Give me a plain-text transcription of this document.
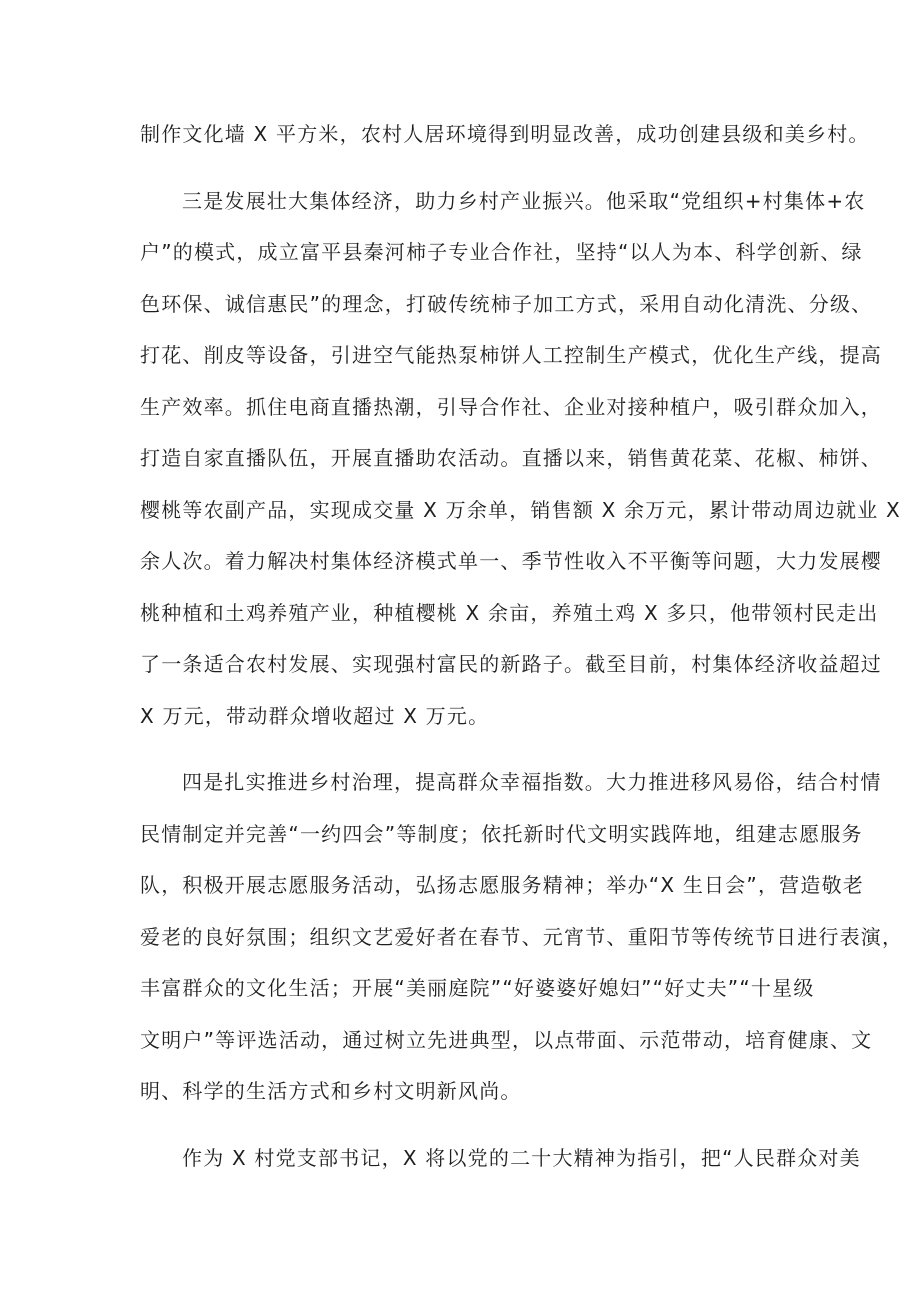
制作文化墙 X 平方米，农村人居环境得到明显改善，成功创建县级和美乡村。
三是发展壮大集体经济，助力乡村产业振兴。他采取“党组织+村集体+农
户”的模式，成立富平县秦河柿子专业合作社，坚持“以人为本、科学创新、绿
色环保、诚信惠民”的理念，打破传统柿子加工方式，采用自动化清洗、分级、
打花、削皮等设备，引进空气能热泵柿饼人工控制生产模式，优化生产线，提高
生产效率。抓住电商直播热潮，引导合作社、企业对接种植户，吸引群众加入，
打造自家直播队伍，开展直播助农活动。直播以来，销售黄花菜、花椒、柿饼、
樱桃等农副产品，实现成交量 X 万余单，销售额 X 余万元，累计带动周边就业 X
余人次。着力解决村集体经济模式单一、季节性收入不平衡等问题，大力发展樱
桃种植和土鸡养殖产业，种植樱桃 X 余亩，养殖土鸡 X 多只，他带领村民走出
了一条适合农村发展、实现强村富民的新路子。截至目前，村集体经济收益超过
X 万元，带动群众增收超过 X 万元。
四是扎实推进乡村治理，提高群众幸福指数。大力推进移风易俗，结合村情
民情制定并完善“一约四会”等制度；依托新时代文明实践阵地，组建志愿服务
队，积极开展志愿服务活动，弘扬志愿服务精神；举办“X 生日会”，营造敬老
爱老的良好氛围；组织文艺爱好者在春节、元宵节、重阳节等传统节日进行表演，
丰富群众的文化生活；开展“美丽庭院”“好婆婆好媳妇”“好丈夫”“十星级
文明户”等评选活动，通过树立先进典型，以点带面、示范带动，培育健康、文
明、科学的生活方式和乡村文明新风尚。
作为 X 村党支部书记，X 将以党的二十大精神为指引，把“人民群众对美
